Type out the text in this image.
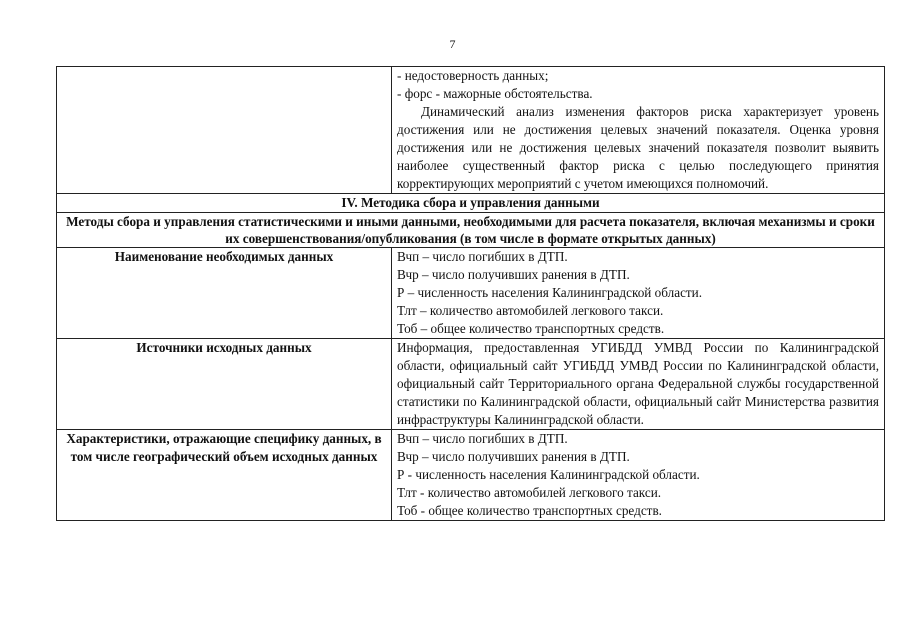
7

	- недостоверность данных;

- форс - мажорные обстоятельства.

Динамический анализ изменения факторов риска характеризует уровень достижения или не достижения целевых значений показателя. Оценка уровня достижения или не достижения целевых значений показателя позволит выявить наиболее существенный фактор риска с целью последующего принятия корректирующих мероприятий с учетом имеющихся полномочий.

IV. Методика сбора и управления данными	
Методы сбора и управления статистическими и иными данными, необходимыми для расчета показателя, включая механизмы и сроки их совершенствования/опубликования (в том числе в формате открытых данных)	
Наименование необходимых данных	Вчп – число погибших в ДТП.

Вчр – число получивших ранения в ДТП.

Р – численность населения Калининградской области.

Тлт – количество автомобилей легкового такси.

Тоб – общее количество транспортных средств.

Источники исходных данных	Информация, предоставленная УГИБДД УМВД России по Калининградской области, официальный сайт УГИБДД УМВД России по Калининградской области, официальный сайт Территориального органа Федеральной службы государственной статистики по Калининградской области, официальный сайт Министерства развития инфраструктуры Калининградской области.

Характеристики, отражающие специфику данных, в том числе географический объем исходных данных	Вчп – число погибших в ДТП.

Вчр – число получивших ранения в ДТП.

Р - численность населения Калининградской области.

Тлт - количество автомобилей легкового такси.

Тоб - общее количество транспортных средств.
